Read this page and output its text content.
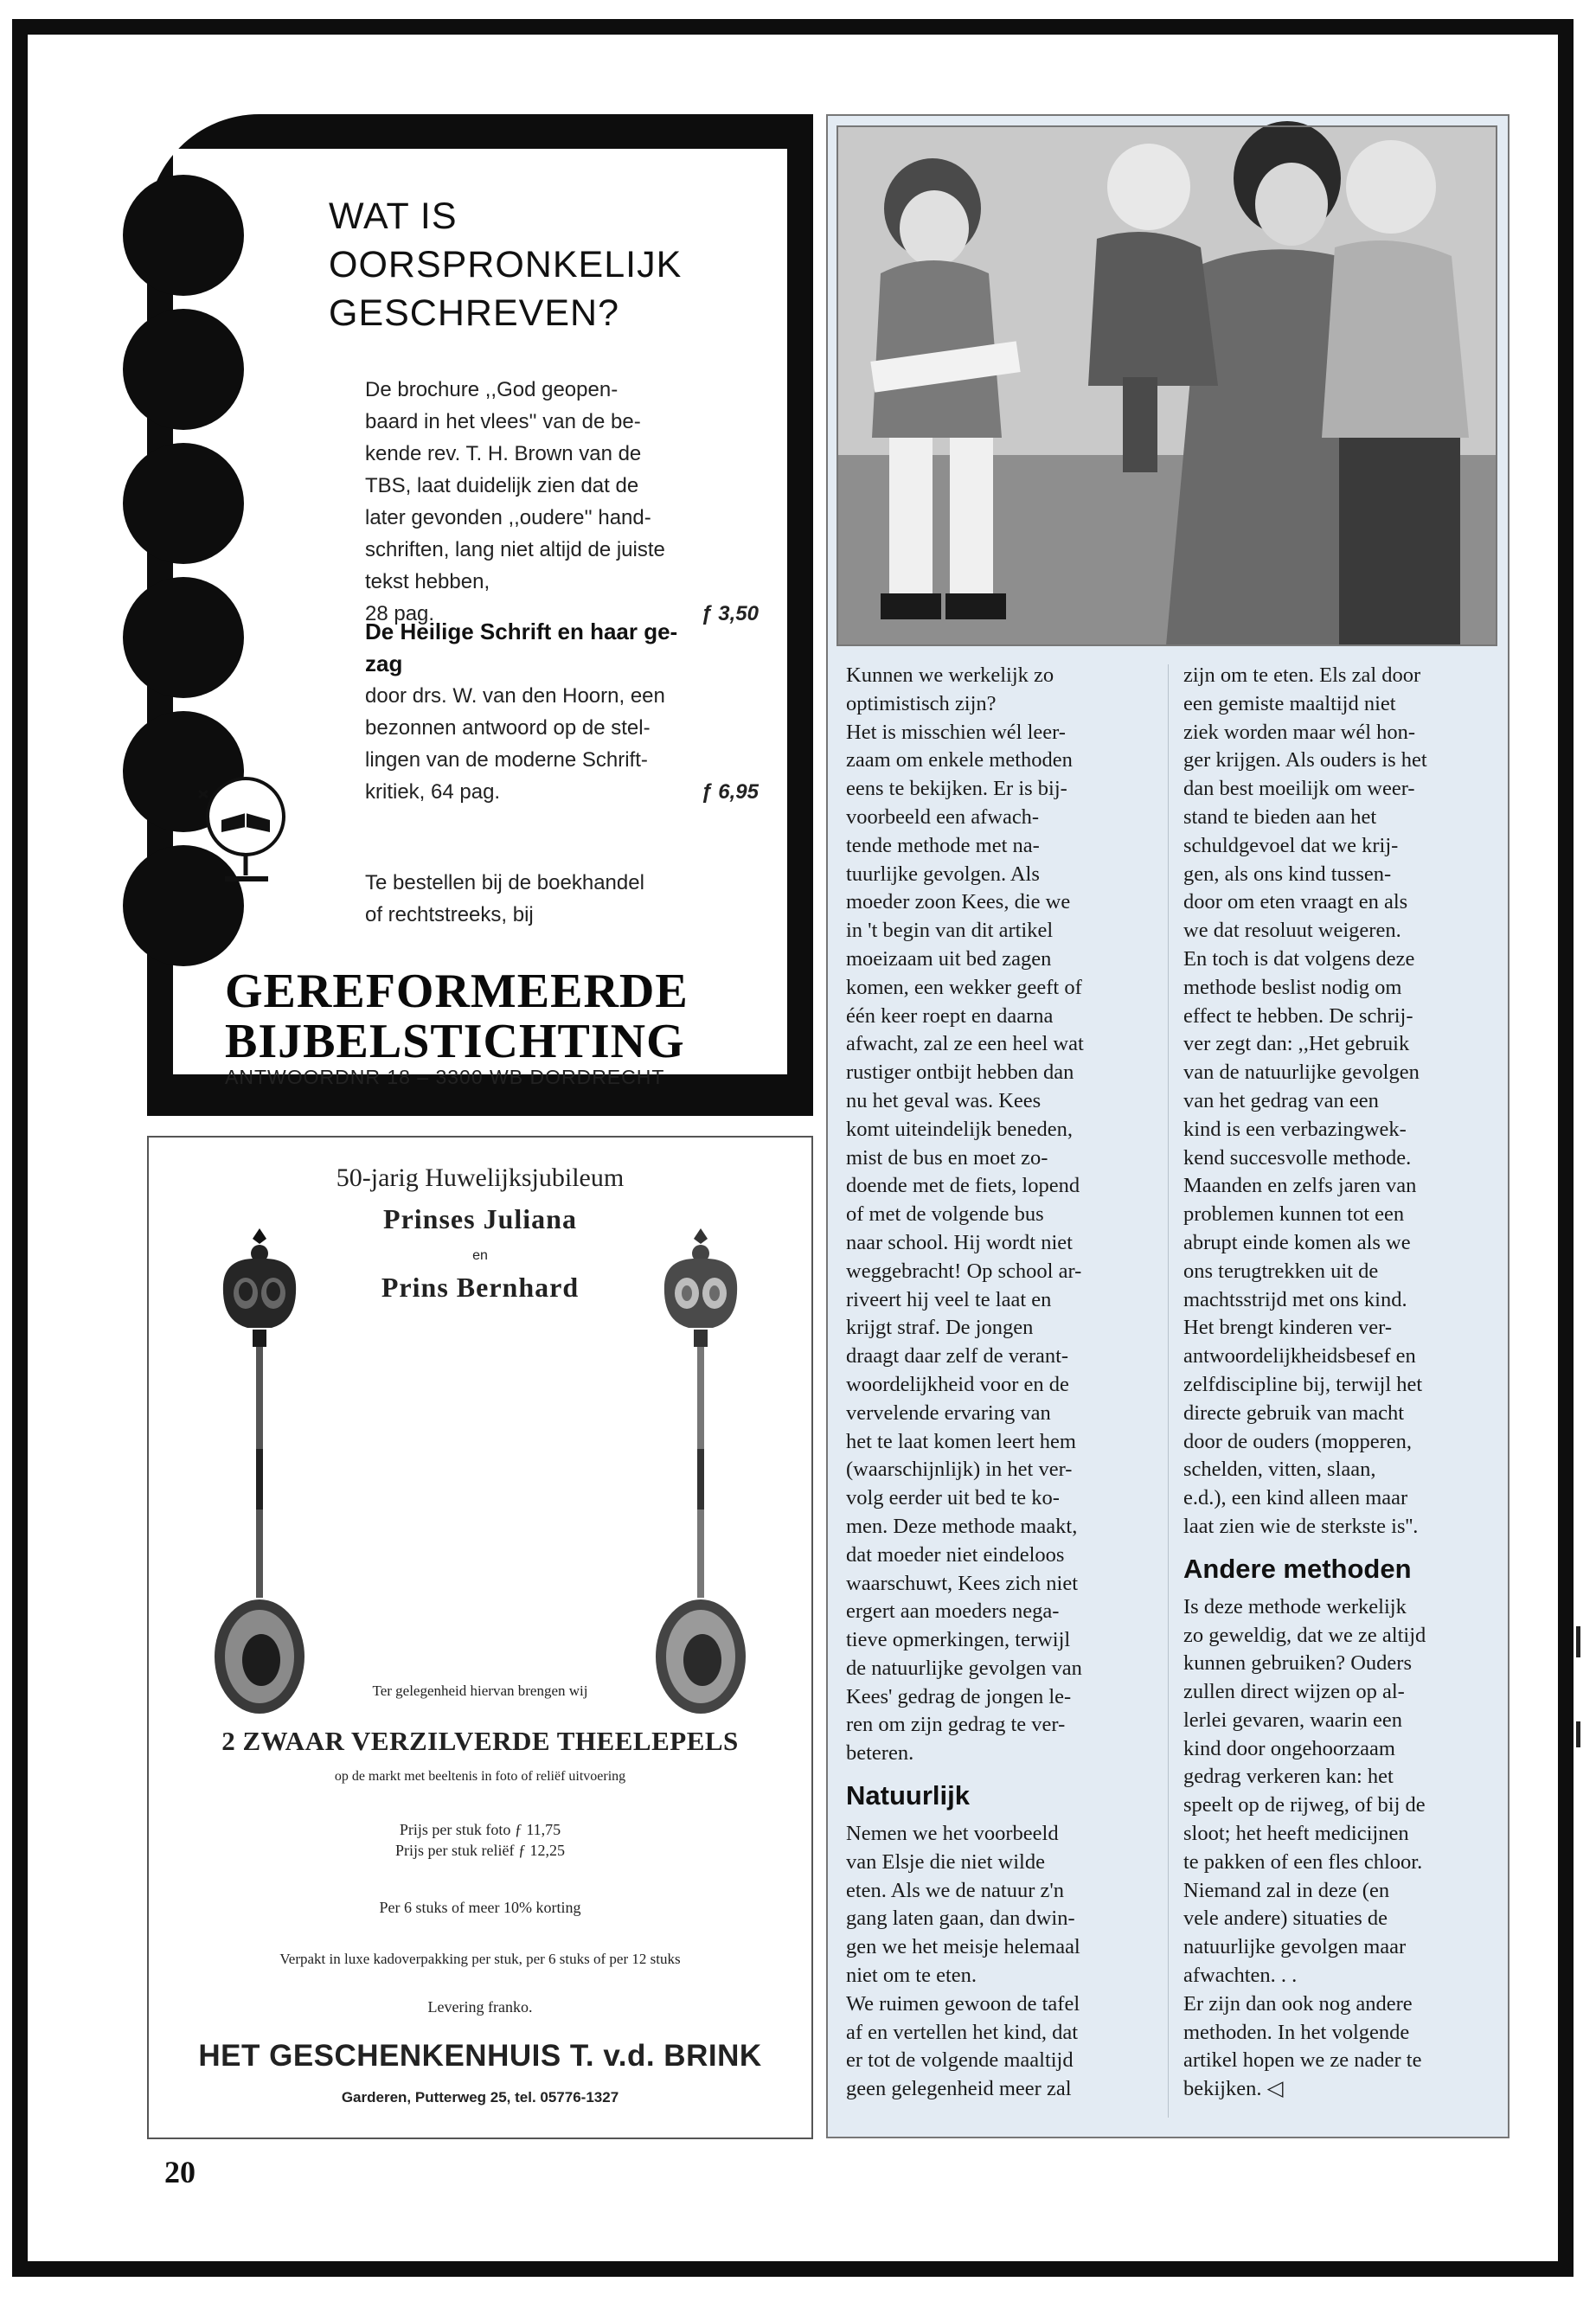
WAT IS
OORSPRONKELIJK
GESCHREVEN?
De brochure ,,God geopen-
baard in het vlees'' van de be-
kende rev. T. H. Brown van de
TBS, laat duidelijk zien dat de
later gevonden ,,oudere'' hand-
schriften, lang niet altijd de juiste
tekst hebben,
28 pag.	ƒ 3,50
De Heilige Schrift en haar ge-
zag
door drs. W. van den Hoorn, een
bezonnen antwoord op de stel-
lingen van de moderne Schrift-
kritiek, 64 pag.	ƒ 6,95
Te bestellen bij de boekhandel
of rechtstreeks, bij
GEREFORMEERDE
BIJBELSTICHTING
ANTWOORDNR 18 – 3300 WB DORDRECHT
50-jarig Huwelijksjubileum
Prinses Juliana
en
Prins Bernhard
Ter gelegenheid hiervan brengen wij
2 ZWAAR VERZILVERDE THEELEPELS
op de markt met beeltenis in foto of reliëf uitvoering
Prijs per stuk foto ƒ 11,75
Prijs per stuk reliëf ƒ 12,25
Per 6 stuks of meer 10% korting
Verpakt in luxe kadoverpakking per stuk, per 6 stuks of per 12 stuks
Levering franko.
HET GESCHENKENHUIS T. v.d. BRINK
Garderen, Putterweg 25, tel. 05776-1327
Kunnen we werkelijk zo
optimistisch zijn?
Het is misschien wél leer-
zaam om enkele methoden
eens te bekijken. Er is bij-
voorbeeld een afwach-
tende methode met na-
tuurlijke gevolgen. Als
moeder zoon Kees, die we
in 't begin van dit artikel
moeizaam uit bed zagen
komen, een wekker geeft of
één keer roept en daarna
afwacht, zal ze een heel wat
rustiger ontbijt hebben dan
nu het geval was. Kees
komt uiteindelijk beneden,
mist de bus en moet zo-
doende met de fiets, lopend
of met de volgende bus
naar school. Hij wordt niet
weggebracht! Op school ar-
riveert hij veel te laat en
krijgt straf. De jongen
draagt daar zelf de verant-
woordelijkheid voor en de
vervelende ervaring van
het te laat komen leert hem
(waarschijnlijk) in het ver-
volg eerder uit bed te ko-
men. Deze methode maakt,
dat moeder niet eindeloos
waarschuwt, Kees zich niet
ergert aan moeders nega-
tieve opmerkingen, terwijl
de natuurlijke gevolgen van
Kees' gedrag de jongen le-
ren om zijn gedrag te ver-
beteren.
Natuurlijk
Nemen we het voorbeeld
van Elsje die niet wilde
eten. Als we de natuur z'n
gang laten gaan, dan dwin-
gen we het meisje helemaal
niet om te eten.
We ruimen gewoon de tafel
af en vertellen het kind, dat
er tot de volgende maaltijd
geen gelegenheid meer zal
zijn om te eten. Els zal door
een gemiste maaltijd niet
ziek worden maar wél hon-
ger krijgen. Als ouders is het
dan best moeilijk om weer-
stand te bieden aan het
schuldgevoel dat we krij-
gen, als ons kind tussen-
door om eten vraagt en als
we dat resoluut weigeren.
En toch is dat volgens deze
methode beslist nodig om
effect te hebben. De schrij-
ver zegt dan: ,,Het gebruik
van de natuurlijke gevolgen
van het gedrag van een
kind is een verbazingwek-
kend succesvolle methode.
Maanden en zelfs jaren van
problemen kunnen tot een
abrupt einde komen als we
ons terugtrekken uit de
machtsstrijd met ons kind.
Het brengt kinderen ver-
antwoordelijkheidsbesef en
zelfdiscipline bij, terwijl het
directe gebruik van macht
door de ouders (mopperen,
schelden, vitten, slaan,
e.d.), een kind alleen maar
laat zien wie de sterkste is''.
Andere methoden
Is deze methode werkelijk
zo geweldig, dat we ze altijd
kunnen gebruiken? Ouders
zullen direct wijzen op al-
lerlei gevaren, waarin een
kind door ongehoorzaam
gedrag verkeren kan: het
speelt op de rijweg, of bij de
sloot; het heeft medicijnen
te pakken of een fles chloor.
Niemand zal in deze (en
vele andere) situaties de
natuurlijke gevolgen maar
afwachten. . .
Er zijn dan ook nog andere
methoden. In het volgende
artikel hopen we ze nader te
bekijken. ◁
20
